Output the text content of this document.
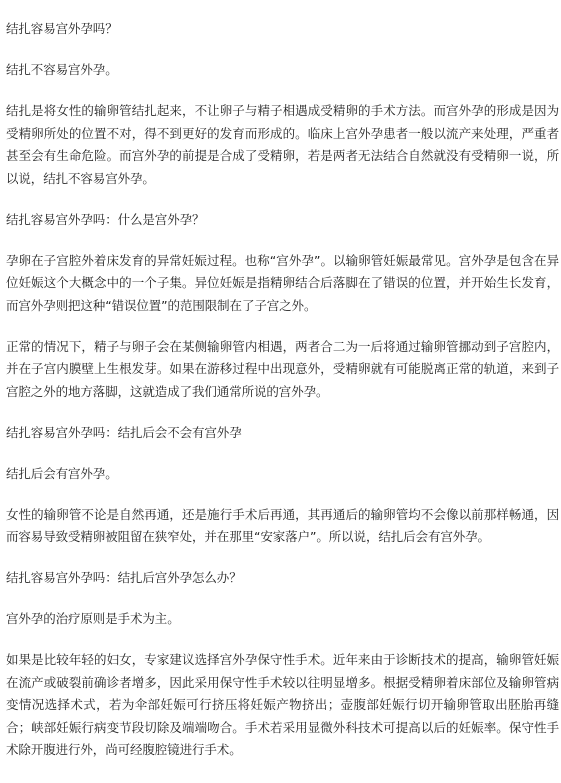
结扎容易宫外孕吗？

结扎不容易宫外孕。

结扎是将女性的输卵管结扎起来，不让卵子与精子相遇成受精卵的手术方法。而宫外孕的形成是因为受精卵所处的位置不对，得不到更好的发育而形成的。临床上宫外孕患者一般以流产来处理，严重者甚至会有生命危险。而宫外孕的前提是合成了受精卵，若是两者无法结合自然就没有受精卵一说，所以说，结扎不容易宫外孕。

结扎容易宫外孕吗：什么是宫外孕？

孕卵在子宫腔外着床发育的异常妊娠过程。也称“宫外孕”。以输卵管妊娠最常见。宫外孕是包含在异位妊娠这个大概念中的一个子集。异位妊娠是指精卵结合后落脚在了错误的位置，并开始生长发育，而宫外孕则把这种“错误位置”的范围限制在了子宫之外。

正常的情况下，精子与卵子会在某侧输卵管内相遇，两者合二为一后将通过输卵管挪动到子宫腔内，并在子宫内膜壁上生根发芽。如果在游移过程中出现意外，受精卵就有可能脱离正常的轨道，来到子宫腔之外的地方落脚，这就造成了我们通常所说的宫外孕。

结扎容易宫外孕吗：结扎后会不会有宫外孕

结扎后会有宫外孕。

女性的输卵管不论是自然再通，还是施行手术后再通，其再通后的输卵管均不会像以前那样畅通，因而容易导致受精卵被阻留在狭窄处，并在那里“安家落户”。所以说，结扎后会有宫外孕。

结扎容易宫外孕吗：结扎后宫外孕怎么办？

宫外孕的治疗原则是手术为主。

如果是比较年轻的妇女，专家建议选择宫外孕保守性手术。近年来由于诊断技术的提高，输卵管妊娠在流产或破裂前确诊者增多，因此采用保守性手术较以往明显增多。根据受精卵着床部位及输卵管病变情况选择术式，若为伞部妊娠可行挤压将妊娠产物挤出；壶腹部妊娠行切开输卵管取出胚胎再缝合；峡部妊娠行病变节段切除及端端吻合。手术若采用显微外科技术可提高以后的妊娠率。保守性手术除开腹进行外，尚可经腹腔镜进行手术。
